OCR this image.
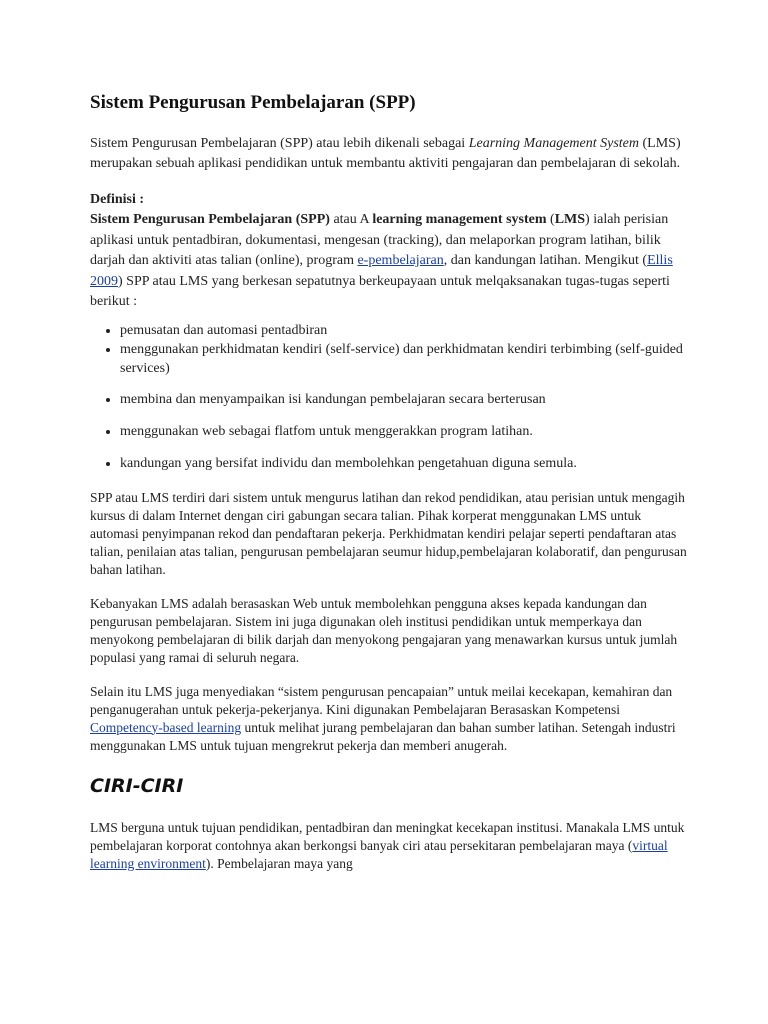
Sistem Pengurusan Pembelajaran (SPP)

Sistem Pengurusan Pembelajaran (SPP) atau lebih dikenali sebagai Learning Management System (LMS) merupakan sebuah aplikasi pendidikan untuk membantu aktiviti pengajaran dan pembelajaran di sekolah.

Definisi :

Sistem Pengurusan Pembelajaran (SPP) atau A learning management system (LMS) ialah perisian aplikasi untuk pentadbiran, dokumentasi, mengesan (tracking), dan melaporkan program latihan, bilik darjah dan aktiviti atas talian (online), program e-pembelajaran, dan kandungan latihan. Mengikut (Ellis 2009) SPP atau LMS yang berkesan sepatutnya berkeupayaan untuk melqaksanakan tugas-tugas seperti berikut :

• pemusatan dan automasi pentadbiran
• menggunakan perkhidmatan kendiri (self-service) dan perkhidmatan kendiri terbimbing (self-guided services)
• membina dan menyampaikan isi kandungan pembelajaran secara berterusan
• menggunakan web sebagai flatfom untuk menggerakkan program latihan.
• kandungan yang bersifat individu dan membolehkan pengetahuan diguna semula.

SPP atau LMS terdiri dari sistem untuk mengurus latihan dan rekod pendidikan, atau perisian untuk mengagih kursus di dalam Internet dengan ciri gabungan secara talian. Pihak korperat menggunakan LMS untuk automasi penyimpanan rekod dan pendaftaran pekerja. Perkhidmatan kendiri pelajar seperti pendaftaran atas talian, penilaian atas talian, pengurusan pembelajaran seumur hidup,pembelajaran kolaboratif, dan pengurusan bahan latihan.

Kebanyakan LMS adalah berasaskan Web untuk membolehkan pengguna akses kepada kandungan dan pengurusan pembelajaran. Sistem ini juga digunakan oleh institusi pendidikan untuk memperkaya dan menyokong pembelajaran di bilik darjah dan menyokong pengajaran yang menawarkan kursus untuk jumlah populasi yang ramai di seluruh negara.

Selain itu LMS juga menyediakan “sistem pengurusan pencapaian” untuk meilai kecekapan, kemahiran dan penganugerahan untuk pekerja-pekerjanya. Kini digunakan Pembelajaran Berasaskan Kompetensi Competency-based learning untuk melihat jurang pembelajaran dan bahan sumber latihan. Setengah industri menggunakan LMS untuk tujuan mengrekrut pekerja dan memberi anugerah.

CIRI-CIRI

LMS berguna untuk tujuan pendidikan, pentadbiran dan meningkat kecekapan institusi. Manakala LMS untuk pembelajaran korporat contohnya akan berkongsi banyak ciri atau persekitaran pembelajaran maya (virtual learning environment). Pembelajaran maya yang
